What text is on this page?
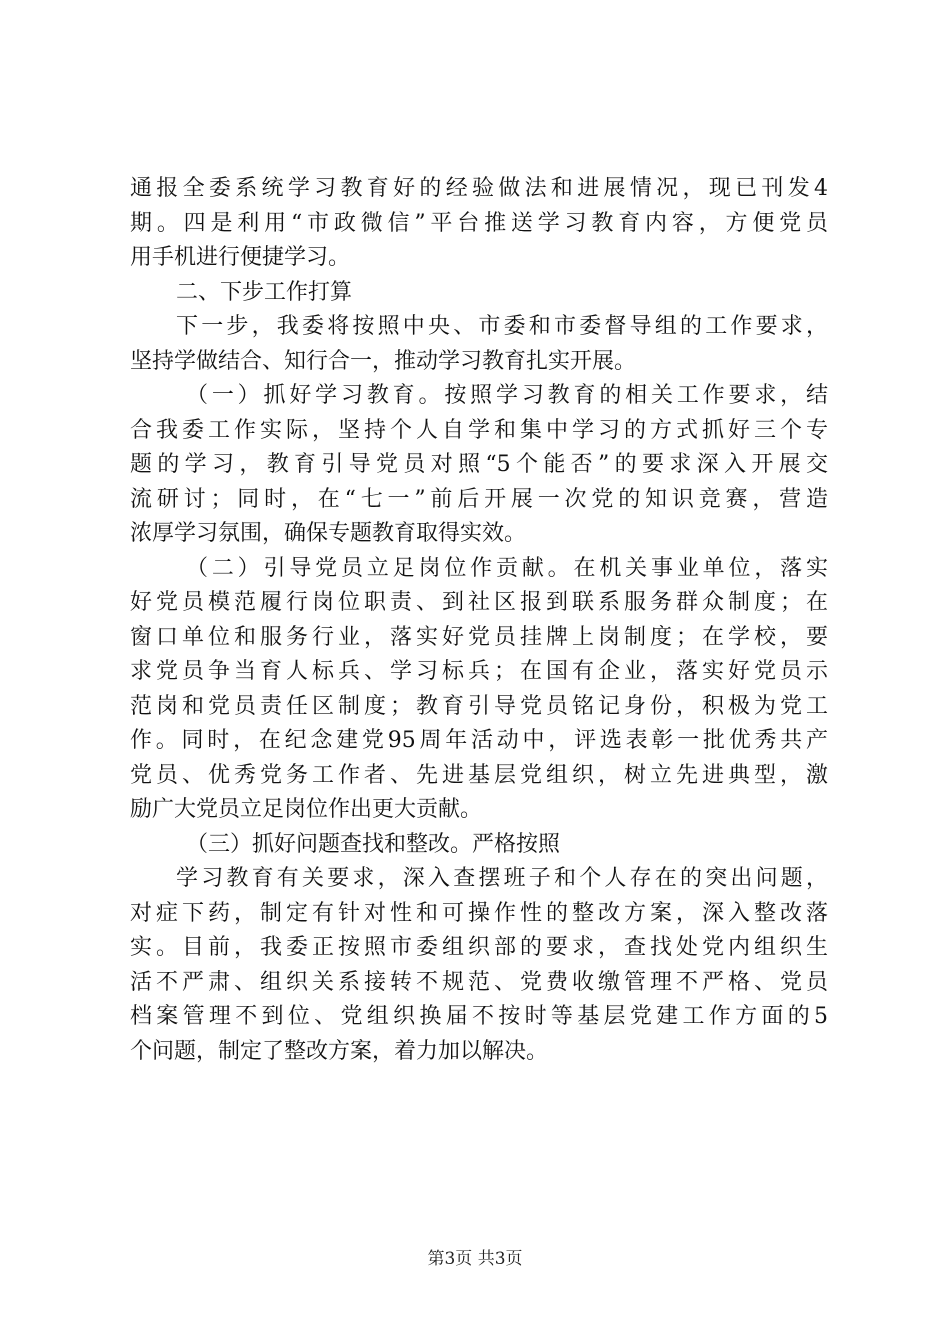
通报全委系统学习教育好的经验做法和进展情况，现已刊发4
期。四是利用“市政微信”平台推送学习教育内容，方便党员
用手机进行便捷学习。
二、下步工作打算
下一步，我委将按照中央、市委和市委督导组的工作要求，
坚持学做结合、知行合一，推动学习教育扎实开展。
（一）抓好学习教育。按照学习教育的相关工作要求，结
合我委工作实际，坚持个人自学和集中学习的方式抓好三个专
题的学习，教育引导党员对照“5个能否”的要求深入开展交
流研讨；同时，在“七一”前后开展一次党的知识竞赛，营造
浓厚学习氛围，确保专题教育取得实效。
（二）引导党员立足岗位作贡献。在机关事业单位，落实
好党员模范履行岗位职责、到社区报到联系服务群众制度；在
窗口单位和服务行业，落实好党员挂牌上岗制度；在学校，要
求党员争当育人标兵、学习标兵；在国有企业，落实好党员示
范岗和党员责任区制度；教育引导党员铭记身份，积极为党工
作。同时，在纪念建党95周年活动中，评选表彰一批优秀共产
党员、优秀党务工作者、先进基层党组织，树立先进典型，激
励广大党员立足岗位作出更大贡献。
（三）抓好问题查找和整改。严格按照
学习教育有关要求，深入查摆班子和个人存在的突出问题，
对症下药，制定有针对性和可操作性的整改方案，深入整改落
实。目前，我委正按照市委组织部的要求，查找处党内组织生
活不严肃、组织关系接转不规范、党费收缴管理不严格、党员
档案管理不到位、党组织换届不按时等基层党建工作方面的5
个问题，制定了整改方案，着力加以解决。
第3页 共3页
